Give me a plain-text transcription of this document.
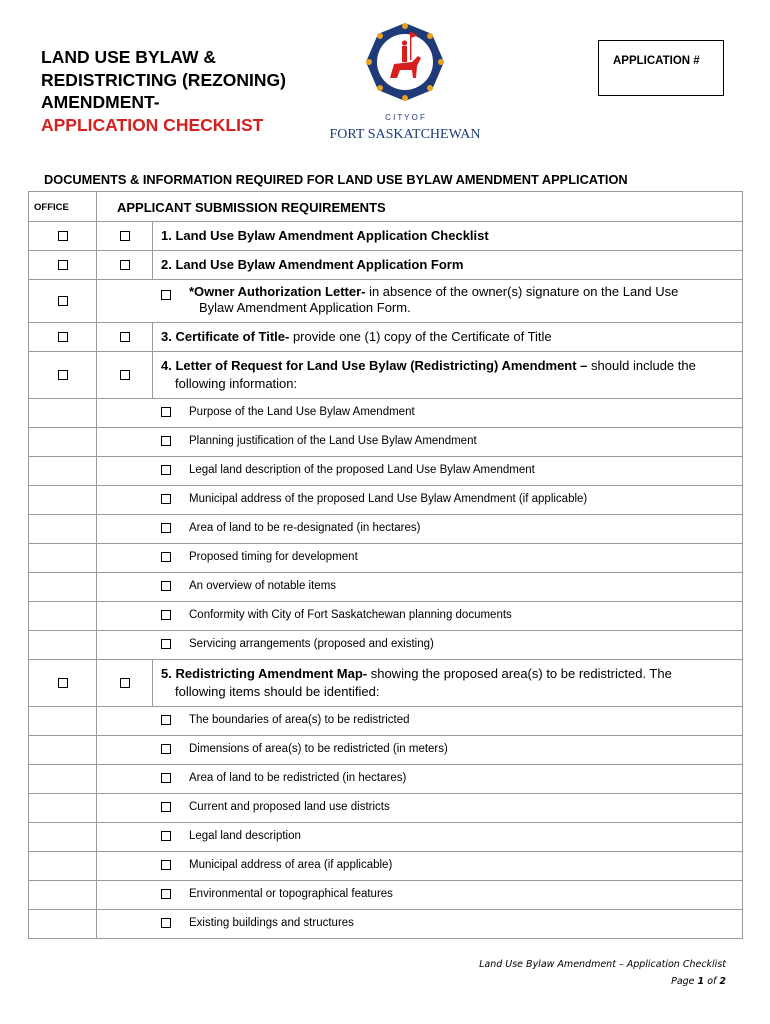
LAND USE BYLAW &
REDISTRICTING (REZONING)
AMENDMENT-
APPLICATION CHECKLIST	C I T Y O F
FORT SASKATCHEWAN
APPLICATION #
DOCUMENTS & INFORMATION REQUIRED FOR LAND USE BYLAW AMENDMENT APPLICATION
OFFICE	APPLICANT SUBMISSION REQUIREMENTS	

		1. Land Use Bylaw Amendment Application Checklist

		2. Land Use Bylaw Amendment Application Form

	*Owner Authorization Letter- in absence of the owner(s) signature on the Land Use
Bylaw Amendment Application Form.	

		3. Certificate of Title- provide one (1) copy of the Certificate of Title

		4. Letter of Request for Land Use Bylaw (Redistricting) Amendment – should include the
following information:

	Purpose of the Land Use Bylaw Amendment	

	Planning justification of the Land Use Bylaw Amendment	

	Legal land description of the proposed Land Use Bylaw Amendment	

	Municipal address of the proposed Land Use Bylaw Amendment (if applicable)	

	Area of land to be re-designated (in hectares)	

	Proposed timing for development	

	An overview of notable items	

	Conformity with City of Fort Saskatchewan planning documents	

	Servicing arrangements (proposed and existing)	

		5. Redistricting Amendment Map- showing the proposed area(s) to be redistricted. The
following items should be identified:

	The boundaries of area(s) to be redistricted	

	Dimensions of area(s) to be redistricted (in meters)	

	Area of land to be redistricted (in hectares)	

	Current and proposed land use districts	

	Legal land description	

	Municipal address of area (if applicable)	

	Environmental or topographical features	

	Existing buildings and structures	
Land Use Bylaw Amendment – Application Checklist
Page 1 of 2
